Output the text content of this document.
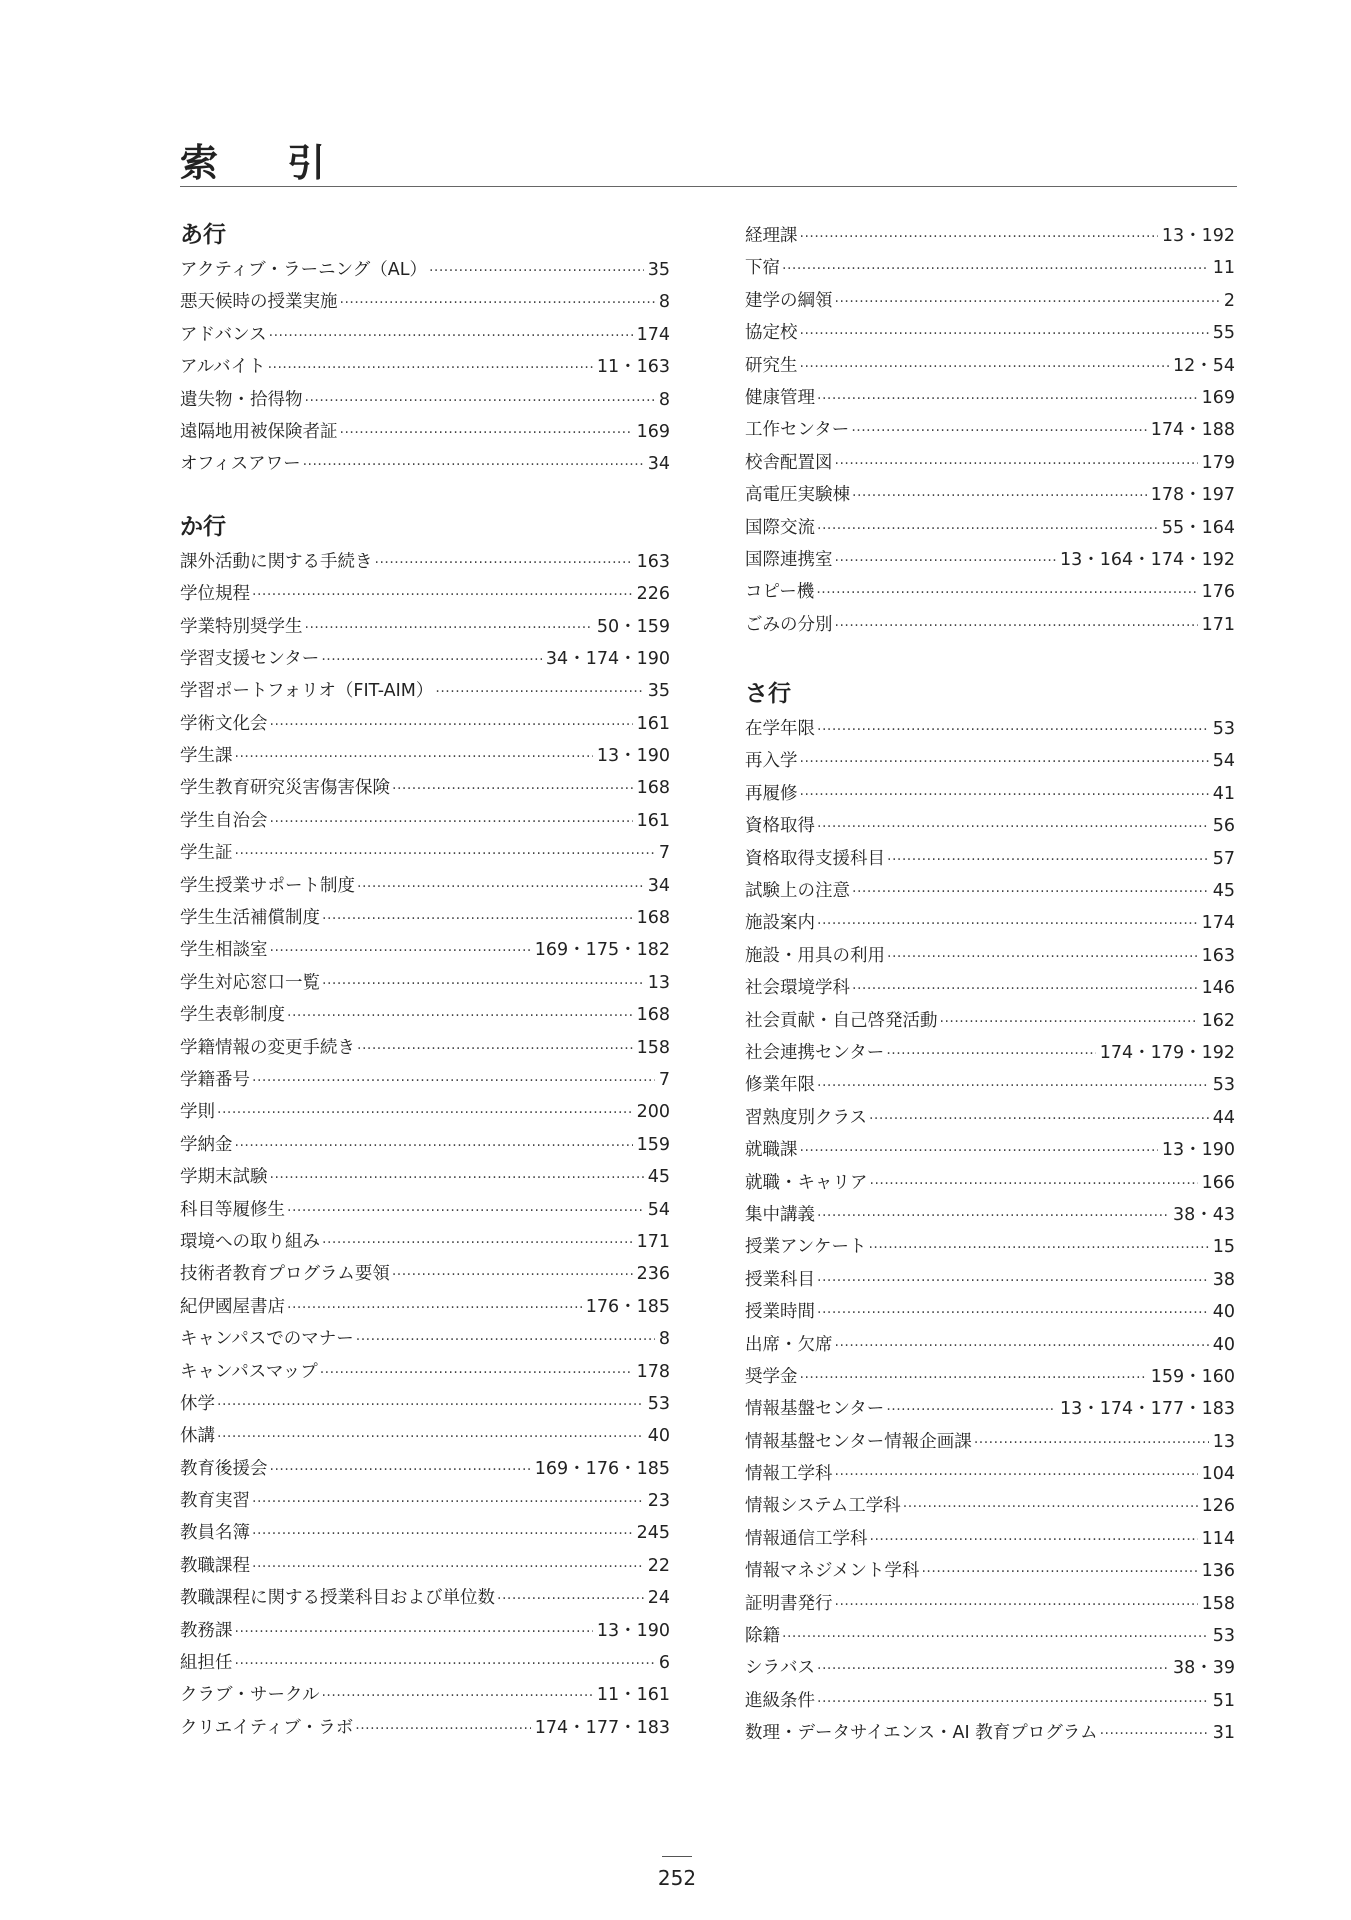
索 引
あ行
アクティブ・ラーニング（AL） ·····	35
悪天候時の授業実施 ·····	8
アドバンス ·····	174
アルバイト ·····	11・163
遺失物・拾得物 ·····	8
遠隔地用被保険者証 ·····	169
オフィスアワー ·····	34
か行
課外活動に関する手続き ·····	163
学位規程 ·····	226
学業特別奨学生 ·····	50・159
学習支援センター ·····	34・174・190
学習ポートフォリオ（FIT-AIM） ·····	35
学術文化会 ·····	161
学生課 ·····	13・190
学生教育研究災害傷害保険 ·····	168
学生自治会 ·····	161
学生証 ·····	7
学生授業サポート制度 ·····	34
学生生活補償制度 ·····	168
学生相談室 ·····	169・175・182
学生対応窓口一覧 ·····	13
学生表彰制度 ·····	168
学籍情報の変更手続き ·····	158
学籍番号 ·····	7
学則 ·····	200
学納金 ·····	159
学期末試験 ·····	45
科目等履修生 ·····	54
環境への取り組み ·····	171
技術者教育プログラム要領 ·····	236
紀伊國屋書店 ·····	176・185
キャンパスでのマナー ·····	8
キャンパスマップ ·····	178
休学 ·····	53
休講 ·····	40
教育後援会 ·····	169・176・185
教育実習 ·····	23
教員名簿 ·····	245
教職課程 ·····	22
教職課程に関する授業科目および単位数 ·····	24
教務課 ·····	13・190
組担任 ·····	6
クラブ・サークル ·····	11・161
クリエイティブ・ラボ ·····	174・177・183
経理課 ·····	13・192
下宿 ·····	11
建学の綱領 ·····	2
協定校 ·····	55
研究生 ·····	12・54
健康管理 ·····	169
工作センター ·····	174・188
校舎配置図 ·····	179
高電圧実験棟 ·····	178・197
国際交流 ·····	55・164
国際連携室 ·····	13・164・174・192
コピー機 ·····	176
ごみの分別 ·····	171
さ行
在学年限 ·····	53
再入学 ·····	54
再履修 ·····	41
資格取得 ·····	56
資格取得支援科目 ·····	57
試験上の注意 ·····	45
施設案内 ·····	174
施設・用具の利用 ·····	163
社会環境学科 ·····	146
社会貢献・自己啓発活動 ·····	162
社会連携センター ·····	174・179・192
修業年限 ·····	53
習熟度別クラス ·····	44
就職課 ·····	13・190
就職・キャリア ·····	166
集中講義 ·····	38・43
授業アンケート ·····	15
授業科目 ·····	38
授業時間 ·····	40
出席・欠席 ·····	40
奨学金 ·····	159・160
情報基盤センター ·····	13・174・177・183
情報基盤センター情報企画課 ·····	13
情報工学科 ·····	104
情報システム工学科 ·····	126
情報通信工学科 ·····	114
情報マネジメント学科 ·····	136
証明書発行 ·····	158
除籍 ·····	53
シラバス ·····	38・39
進級条件 ·····	51
数理・データサイエンス・AI 教育プログラム ·····	31
252
